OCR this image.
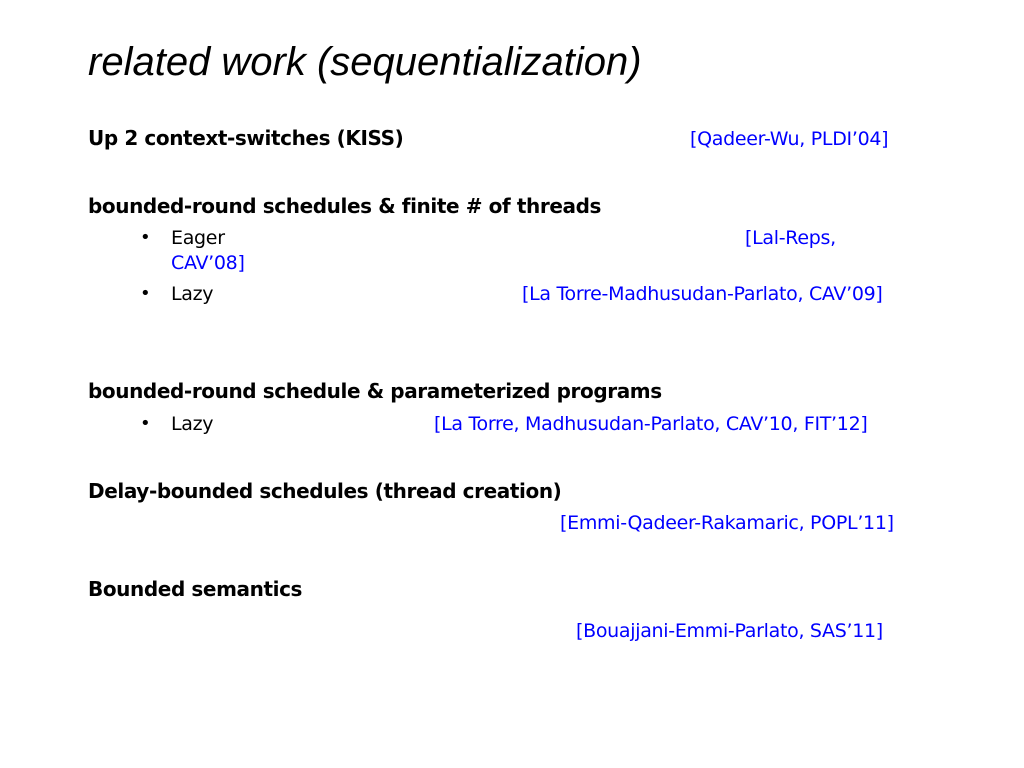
related work (sequentialization)
Up 2 context-switches (KISS)	[Qadeer-Wu, PLDI’04]
bounded-round schedules & finite # of threads
• Eager	[Lal-Reps,
CAV’08]
• Lazy	[La Torre-Madhusudan-Parlato, CAV’09]
bounded-round schedule & parameterized programs
• Lazy	[La Torre, Madhusudan-Parlato, CAV’10, FIT’12]
Delay-bounded schedules (thread creation)
[Emmi-Qadeer-Rakamaric, POPL’11]
Bounded semantics
[Bouajjani-Emmi-Parlato, SAS’11]
